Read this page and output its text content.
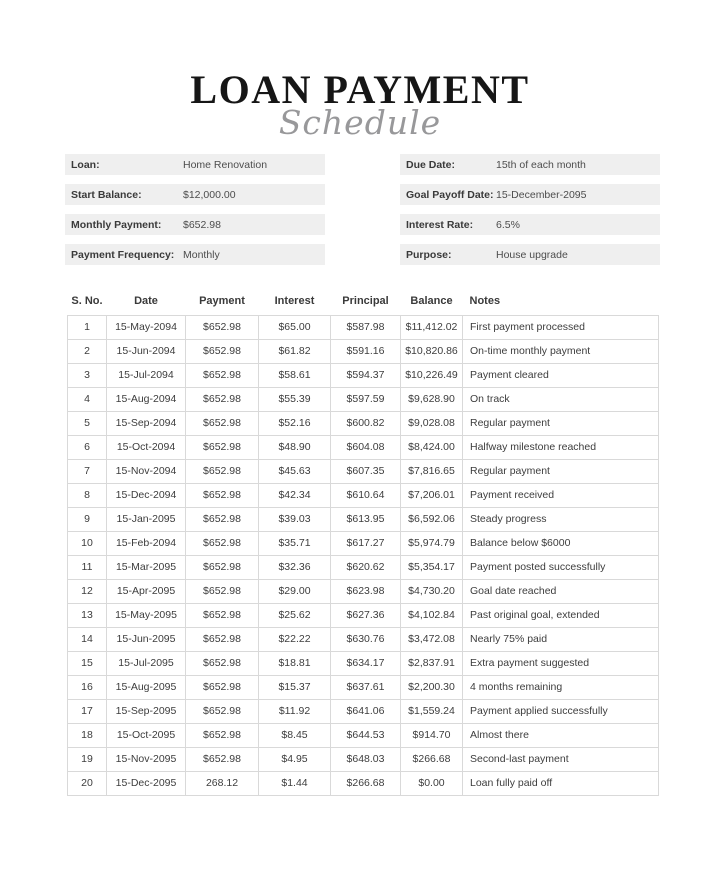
LOAN PAYMENT
Schedule
Loan:	Home Renovation
Start Balance:	$12,000.00
Monthly Payment:	$652.98
Payment Frequency: Monthly
Due Date:	15th of each month
Goal Payoff Date: 15-December-2095
Interest Rate:	6.5%
Purpose:	House upgrade
S. No.	Date	Payment	Interest	Principal	Balance	Notes
1	15-May-2094	$652.98	$65.00	$587.98	$11,412.02	First payment processed
2	15-Jun-2094	$652.98	$61.82	$591.16	$10,820.86	On-time monthly payment
3	15-Jul-2094	$652.98	$58.61	$594.37	$10,226.49	Payment cleared
4	15-Aug-2094	$652.98	$55.39	$597.59	$9,628.90	On track
5	15-Sep-2094	$652.98	$52.16	$600.82	$9,028.08	Regular payment
6	15-Oct-2094	$652.98	$48.90	$604.08	$8,424.00	Halfway milestone reached
7	15-Nov-2094	$652.98	$45.63	$607.35	$7,816.65	Regular payment
8	15-Dec-2094	$652.98	$42.34	$610.64	$7,206.01	Payment received
9	15-Jan-2095	$652.98	$39.03	$613.95	$6,592.06	Steady progress
10	15-Feb-2094	$652.98	$35.71	$617.27	$5,974.79	Balance below $6000
11	15-Mar-2095	$652.98	$32.36	$620.62	$5,354.17	Payment posted successfully
12	15-Apr-2095	$652.98	$29.00	$623.98	$4,730.20	Goal date reached
13	15-May-2095	$652.98	$25.62	$627.36	$4,102.84	Past original goal, extended
14	15-Jun-2095	$652.98	$22.22	$630.76	$3,472.08	Nearly 75% paid
15	15-Jul-2095	$652.98	$18.81	$634.17	$2,837.91	Extra payment suggested
16	15-Aug-2095	$652.98	$15.37	$637.61	$2,200.30	4 months remaining
17	15-Sep-2095	$652.98	$11.92	$641.06	$1,559.24	Payment applied successfully
18	15-Oct-2095	$652.98	$8.45	$644.53	$914.70	Almost there
19	15-Nov-2095	$652.98	$4.95	$648.03	$266.68	Second-last payment
20	15-Dec-2095	268.12	$1.44	$266.68	$0.00	Loan fully paid off
